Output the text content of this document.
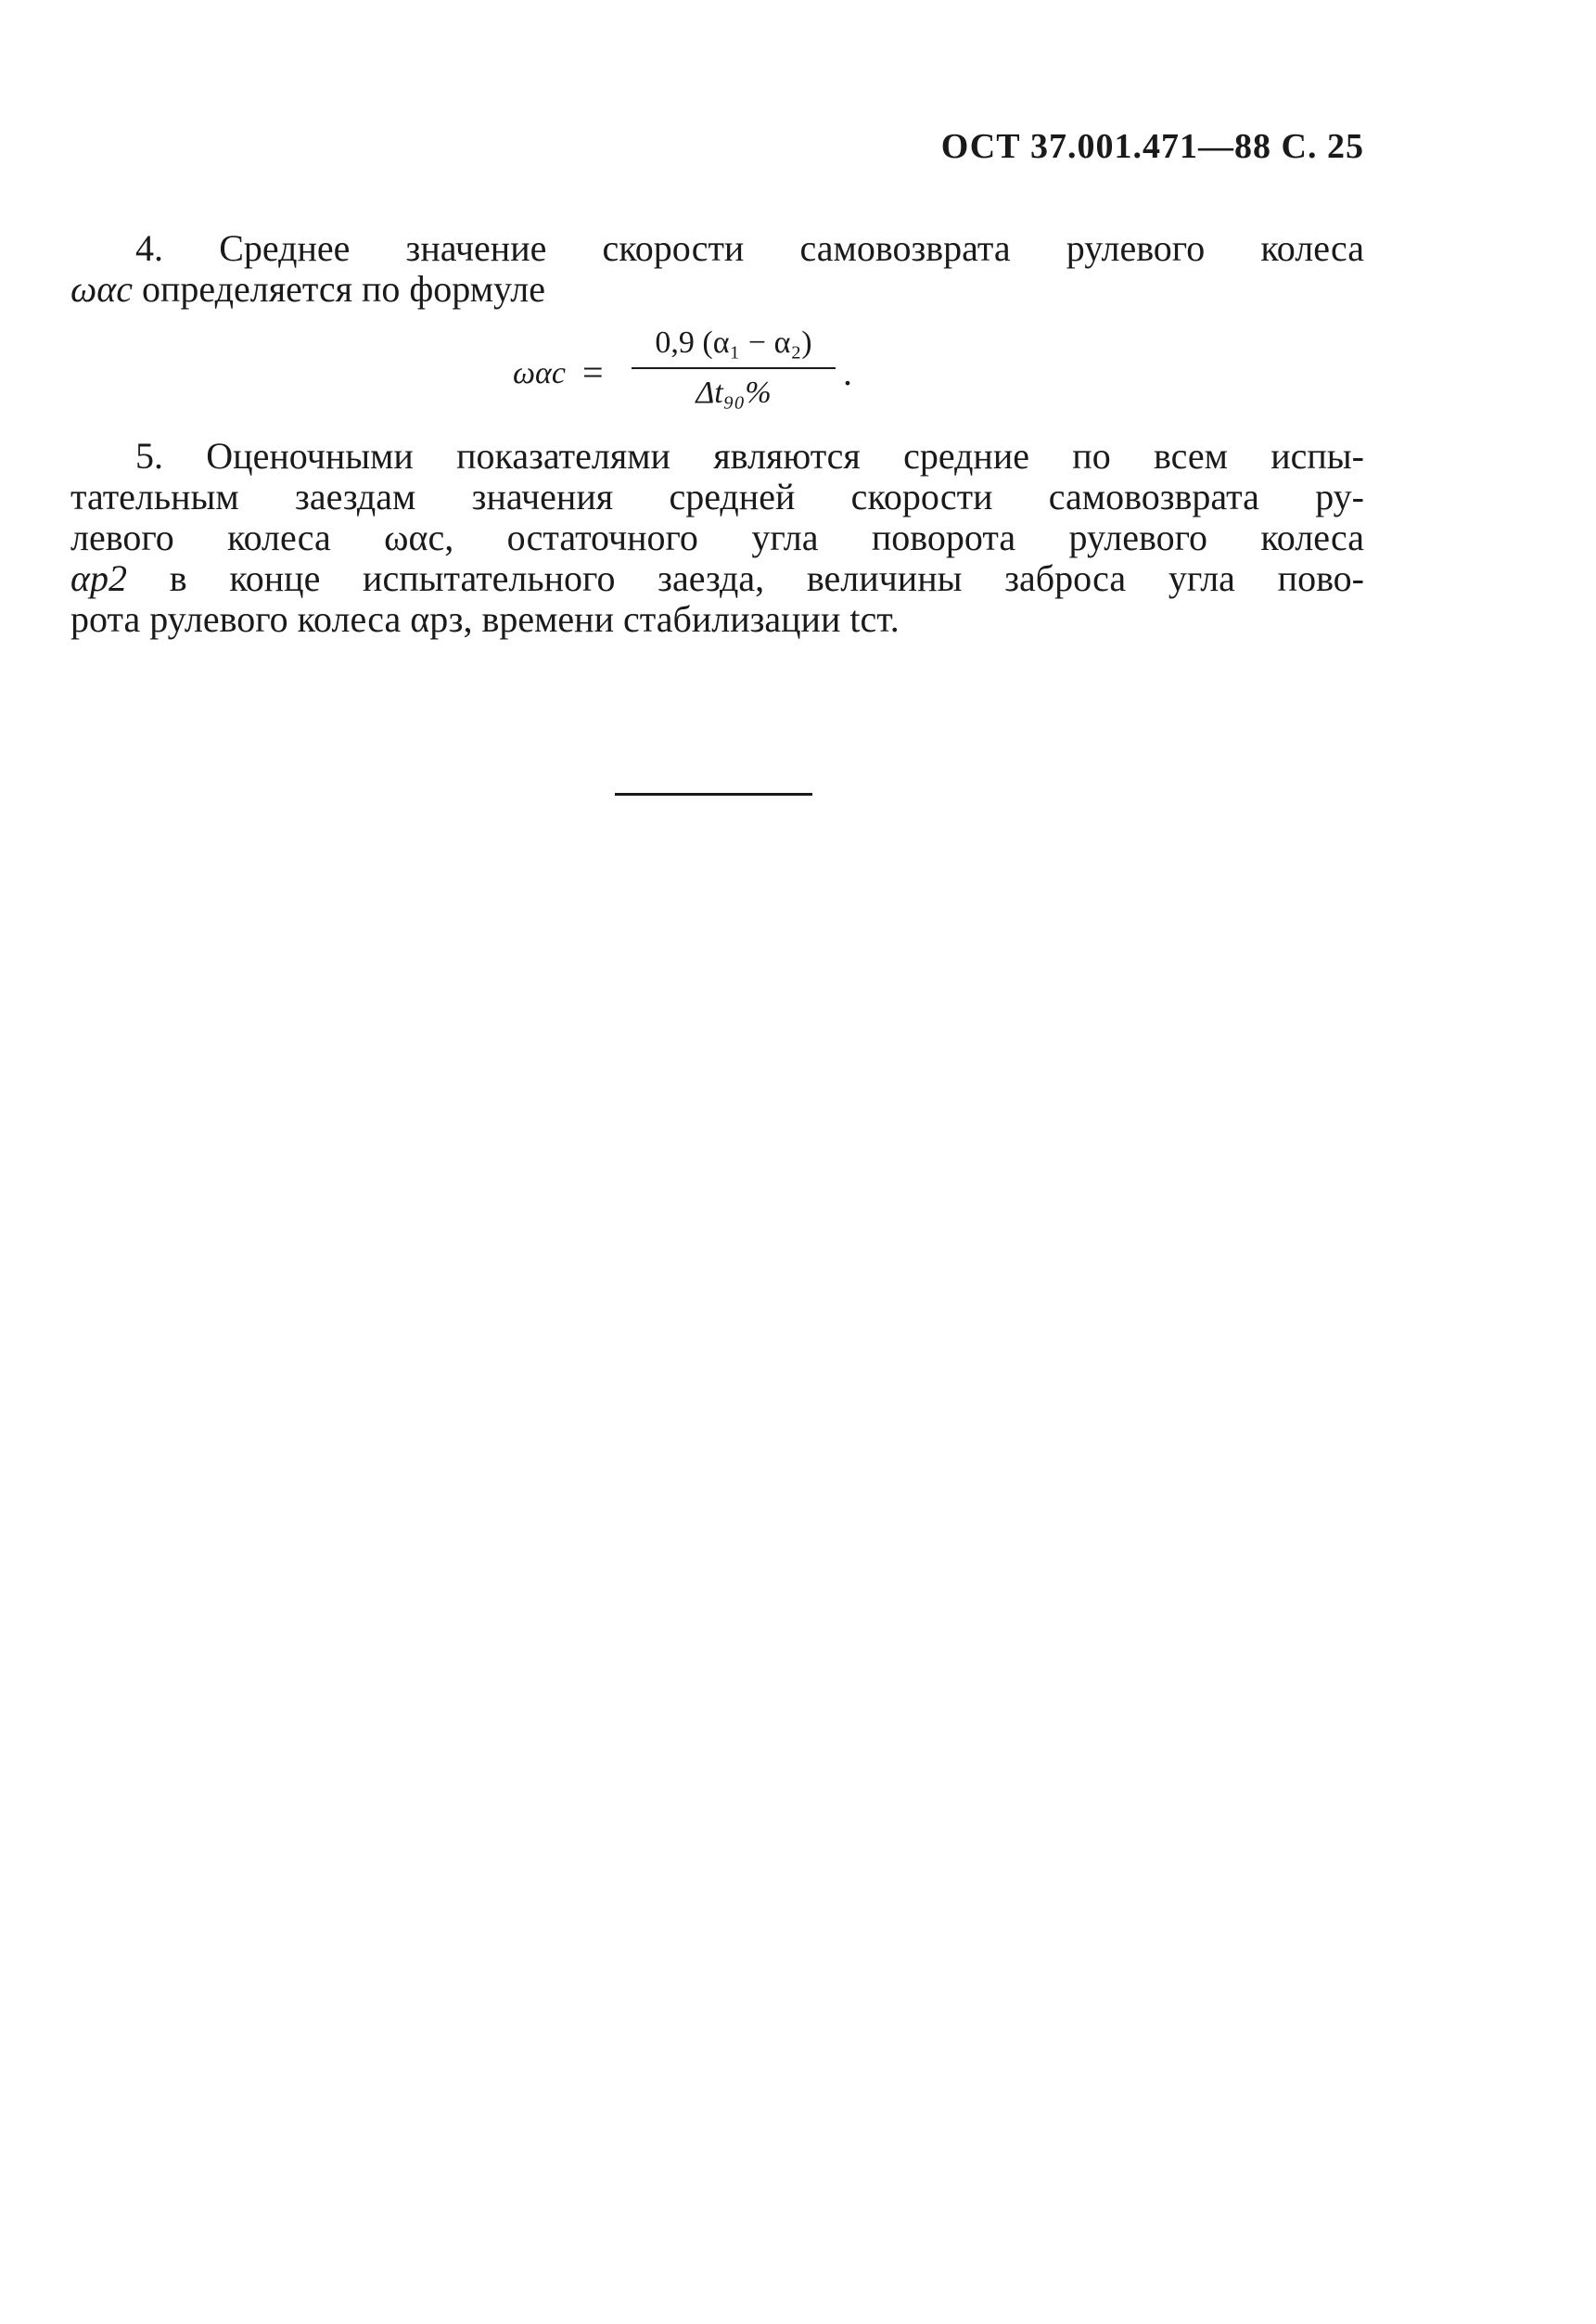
ОСТ 37.001.471—88 С. 25
4. Среднее значение скорости самовозврата рулевого колеса
ωαс определяется по формуле
ωαс =
0,9 (α₁ − α₂)
Δt₉₀%	.
5. Оценочными показателями являются средние по всем испы-
тательным заездам значения средней скорости самовозврата ру-
левого колеса ωαс, остаточного угла поворота рулевого колеса
αр2 в конце испытательного заезда, величины заброса угла пово-
рота рулевого колеса αрз, времени стабилизации tст.
